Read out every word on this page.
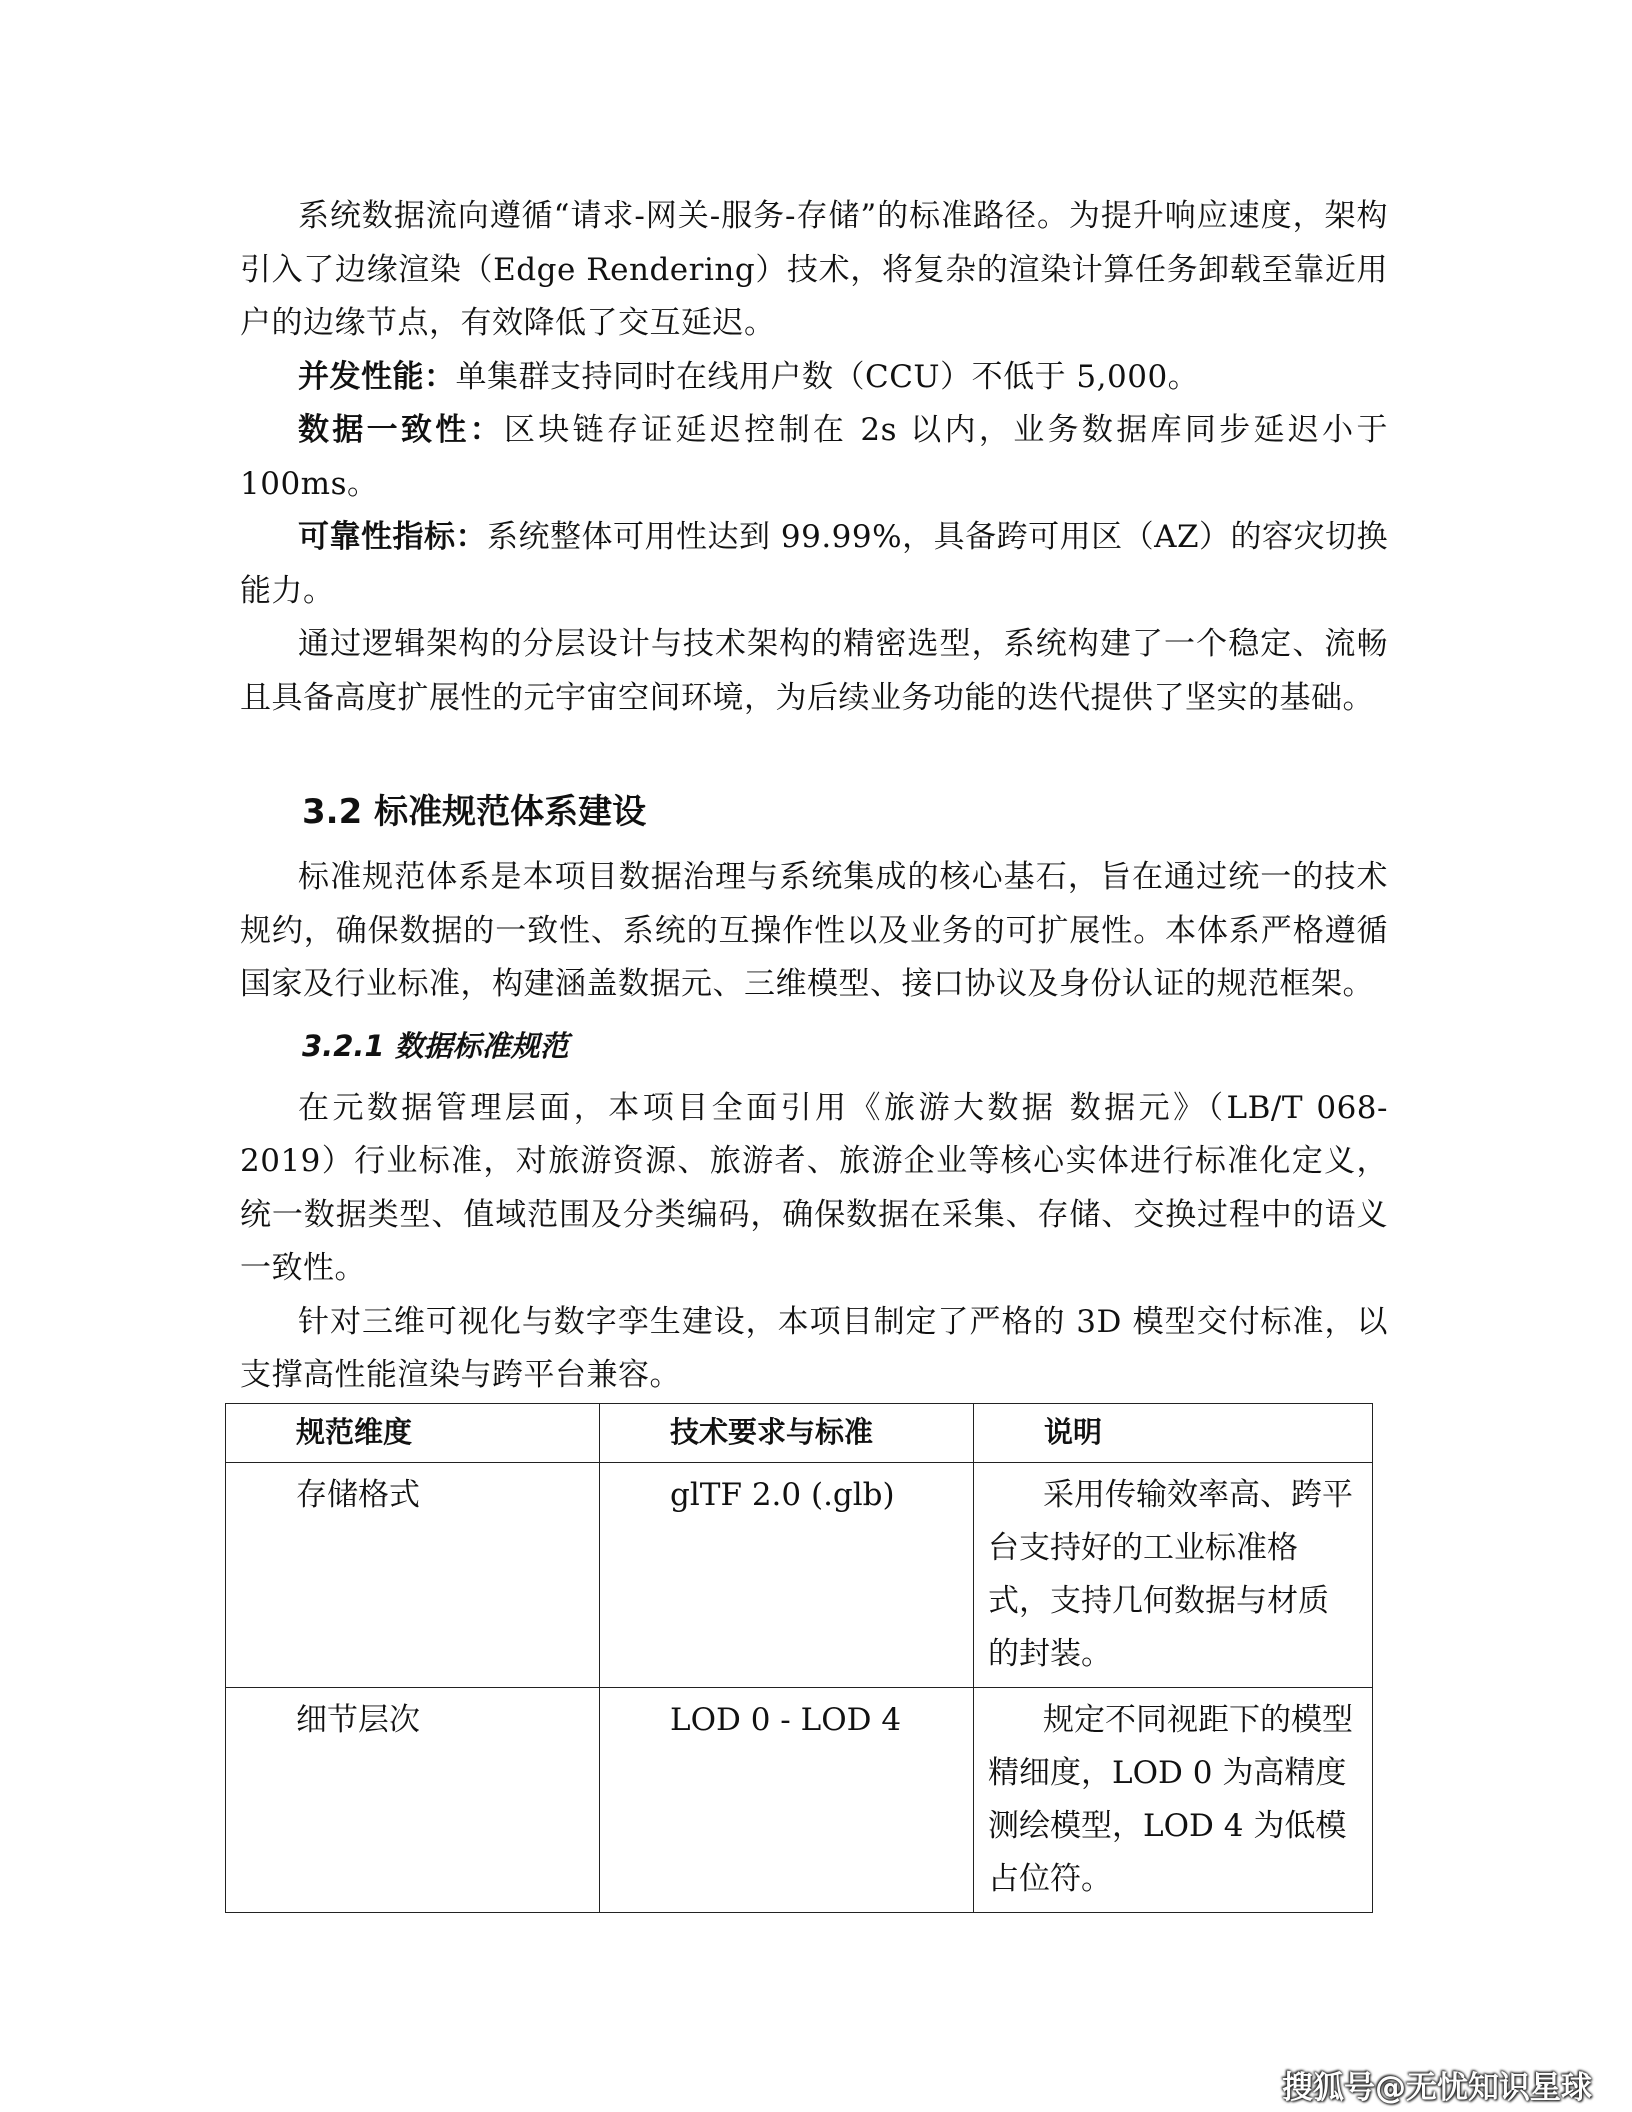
系统数据流向遵循“请求-网关-服务-存储”的标准路径。为提升响应速度，架构引入了边缘渲染（Edge Rendering）技术，将复杂的渲染计算任务卸载至靠近用户的边缘节点，有效降低了交互延迟。

并发性能：单集群支持同时在线用户数（CCU）不低于 5,000。

数据一致性：区块链存证延迟控制在 2s 以内，业务数据库同步延迟小于 100ms。

可靠性指标：系统整体可用性达到 99.99%，具备跨可用区（AZ）的容灾切换能力。

通过逻辑架构的分层设计与技术架构的精密选型，系统构建了一个稳定、流畅且具备高度扩展性的元宇宙空间环境，为后续业务功能的迭代提供了坚实的基础。

3.2 标准规范体系建设

标准规范体系是本项目数据治理与系统集成的核心基石，旨在通过统一的技术规约，确保数据的一致性、系统的互操作性以及业务的可扩展性。本体系严格遵循国家及行业标准，构建涵盖数据元、三维模型、接口协议及身份认证的规范框架。

3.2.1 数据标准规范

在元数据管理层面，本项目全面引用《旅游大数据 数据元》（LB/T 068-2019）行业标准，对旅游资源、旅游者、旅游企业等核心实体进行标准化定义，统一数据类型、值域范围及分类编码，确保数据在采集、存储、交换过程中的语义一致性。

针对三维可视化与数字孪生建设，本项目制定了严格的 3D 模型交付标准，以支撑高性能渲染与跨平台兼容。

规范维度	技术要求与标准	说明
存储格式	glTF 2.0 (.glb)	采用传输效率高、跨平台支持好的工业标准格式，支持几何数据与材质的封装。
细节层次	LOD 0 - LOD 4	规定不同视距下的模型精细度，LOD 0 为高精度测绘模型，LOD 4 为低模占位符。
搜狐号@无忧知识星球
